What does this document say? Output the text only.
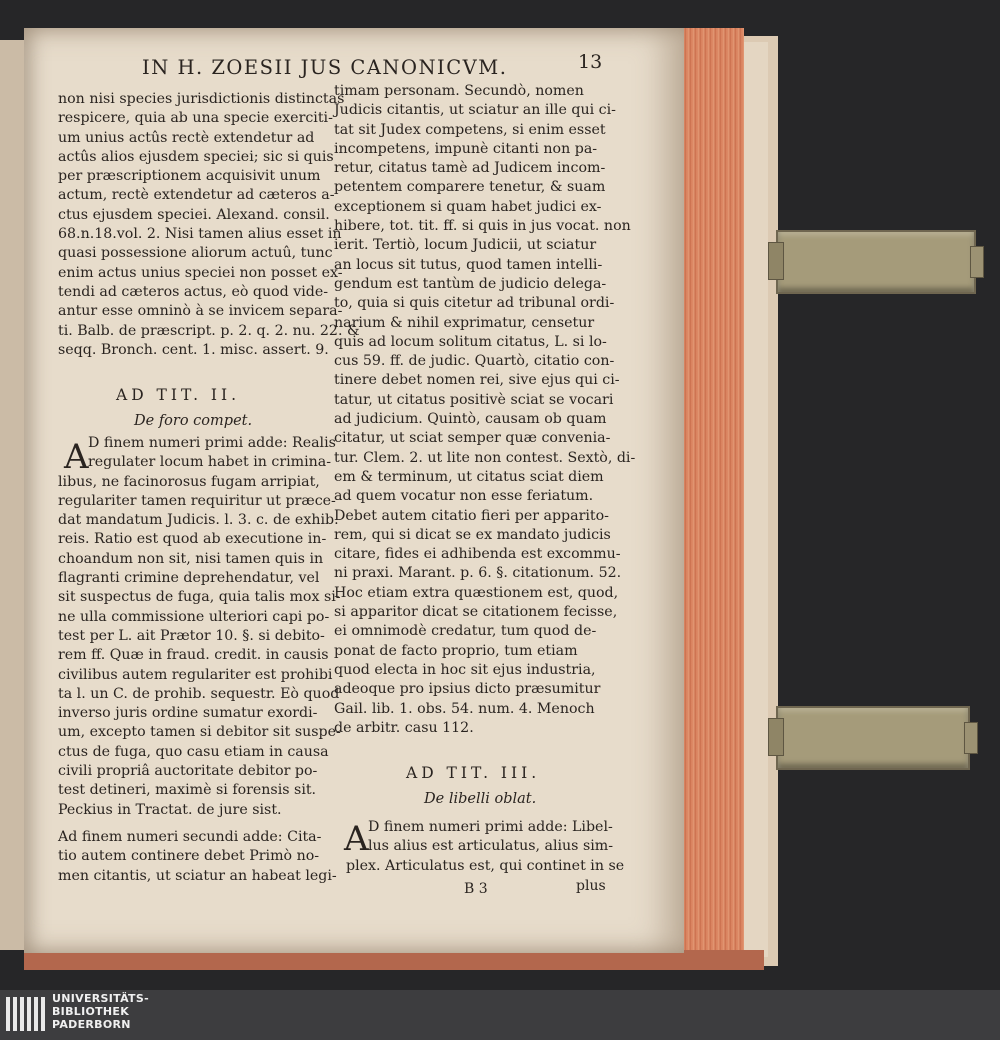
IN H. ZOESII JUS CANONICVM.	13
non nisi species jurisdictionis distinctas
respicere, quia ab una specie exerciti-
um unius actûs rectè extendetur ad
actûs alios ejusdem speciei; sic si quis
per præscriptionem acquisivit unum
actum, rectè extendetur ad cæteros a-
ctus ejusdem speciei. Alexand. consil.
68.n.18.vol. 2. Nisi tamen alius esset in
quasi possessione aliorum actuû, tunc
enim actus unius speciei non posset ex-
tendi ad cæteros actus, eò quod vide-
antur esse omninò à se invicem separa-
ti. Balb. de præscript. p. 2. q. 2. nu. 22. &
seqq. Bronch. cent. 1. misc. assert. 9.
AD TIT. II.
De foro compet.
A D finem numeri primi adde: Realis
regulater locum habet in crimina-
libus, ne facinorosus fugam arripiat,
regulariter tamen requiritur ut præce-
dat mandatum Judicis. l. 3. c. de exhib.
reis. Ratio est quod ab executione in-
choandum non sit, nisi tamen quis in
flagranti crimine deprehendatur, vel
sit suspectus de fuga, quia talis mox si-
ne ulla commissione ulteriori capi po-
test per L. ait Prætor 10. §. si debito-
rem ff. Quæ in fraud. credit. in causis
civilibus autem regulariter est prohibi
ta l. un C. de prohib. sequestr. Eò quod
inverso juris ordine sumatur exordi-
um, excepto tamen si debitor sit suspe-
ctus de fuga, quo casu etiam in causa
civili propriâ auctoritate debitor po-
test detineri, maximè si forensis sit.
Peckius in Tractat. de jure sist.
Ad finem numeri secundi adde: Cita-
tio autem continere debet Primò no-
men citantis, ut sciatur an habeat legi-
timam personam. Secundò, nomen
Judicis citantis, ut sciatur an ille qui ci-
tat sit Judex competens, si enim esset
incompetens, impunè citanti non pa-
retur, citatus tamè ad Judicem incom-
petentem comparere tenetur, & suam
exceptionem si quam habet judici ex-
hibere, tot. tit. ff. si quis in jus vocat. non
ierit. Tertiò, locum Judicii, ut sciatur
an locus sit tutus, quod tamen intelli-
gendum est tantùm de judicio delega-
to, quia si quis citetur ad tribunal ordi-
narium & nihil exprimatur, censetur
quis ad locum solitum citatus, L. si lo-
cus 59. ff. de judic. Quartò, citatio con-
tinere debet nomen rei, sive ejus qui ci-
tatur, ut citatus positivè sciat se vocari
ad judicium. Quintò, causam ob quam
citatur, ut sciat semper quæ convenia-
tur. Clem. 2. ut lite non contest. Sextò, di-
em & terminum, ut citatus sciat diem
ad quem vocatur non esse feriatum.
Debet autem citatio fieri per apparito-
rem, qui si dicat se ex mandato judicis
citare, fides ei adhibenda est excommu-
ni praxi. Marant. p. 6. §. citationum. 52.
Hoc etiam extra quæstionem est, quod,
si apparitor dicat se citationem fecisse,
ei omnimodè credatur, tum quod de-
ponat de facto proprio, tum etiam
quod electa in hoc sit ejus industria,
adeoque pro ipsius dicto præsumitur
Gail. lib. 1. obs. 54. num. 4. Menoch
de arbitr. casu 112.
AD TIT. III.
De libelli oblat.
A D finem numeri primi adde: Libel-
lus alius est articulatus, alius sim-
plex. Articulatus est, qui continet in se
B 3	plus
UNIVERSITÄTS-
BIBLIOTHEK
PADERBORN
